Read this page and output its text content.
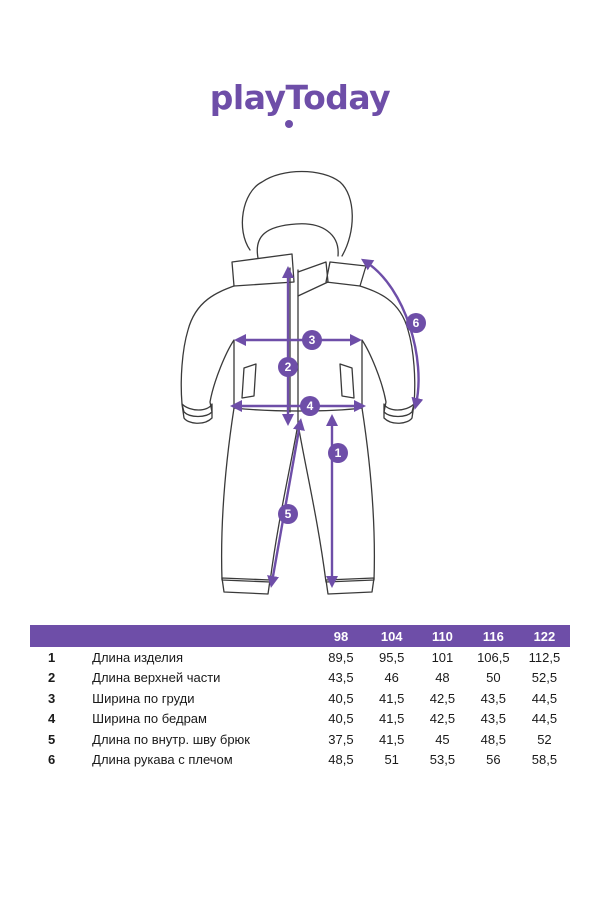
playToday
1
2
3
4
5
6
		98	104	110	116	122
1	Длина изделия	89,5	95,5	101	106,5	112,5
2	Длина верхней части	43,5	46	48	50	52,5
3	Ширина по груди	40,5	41,5	42,5	43,5	44,5
4	Ширина по бедрам	40,5	41,5	42,5	43,5	44,5
5	Длина по внутр. шву брюк	37,5	41,5	45	48,5	52
6	Длина рукава с плечом	48,5	51	53,5	56	58,5
